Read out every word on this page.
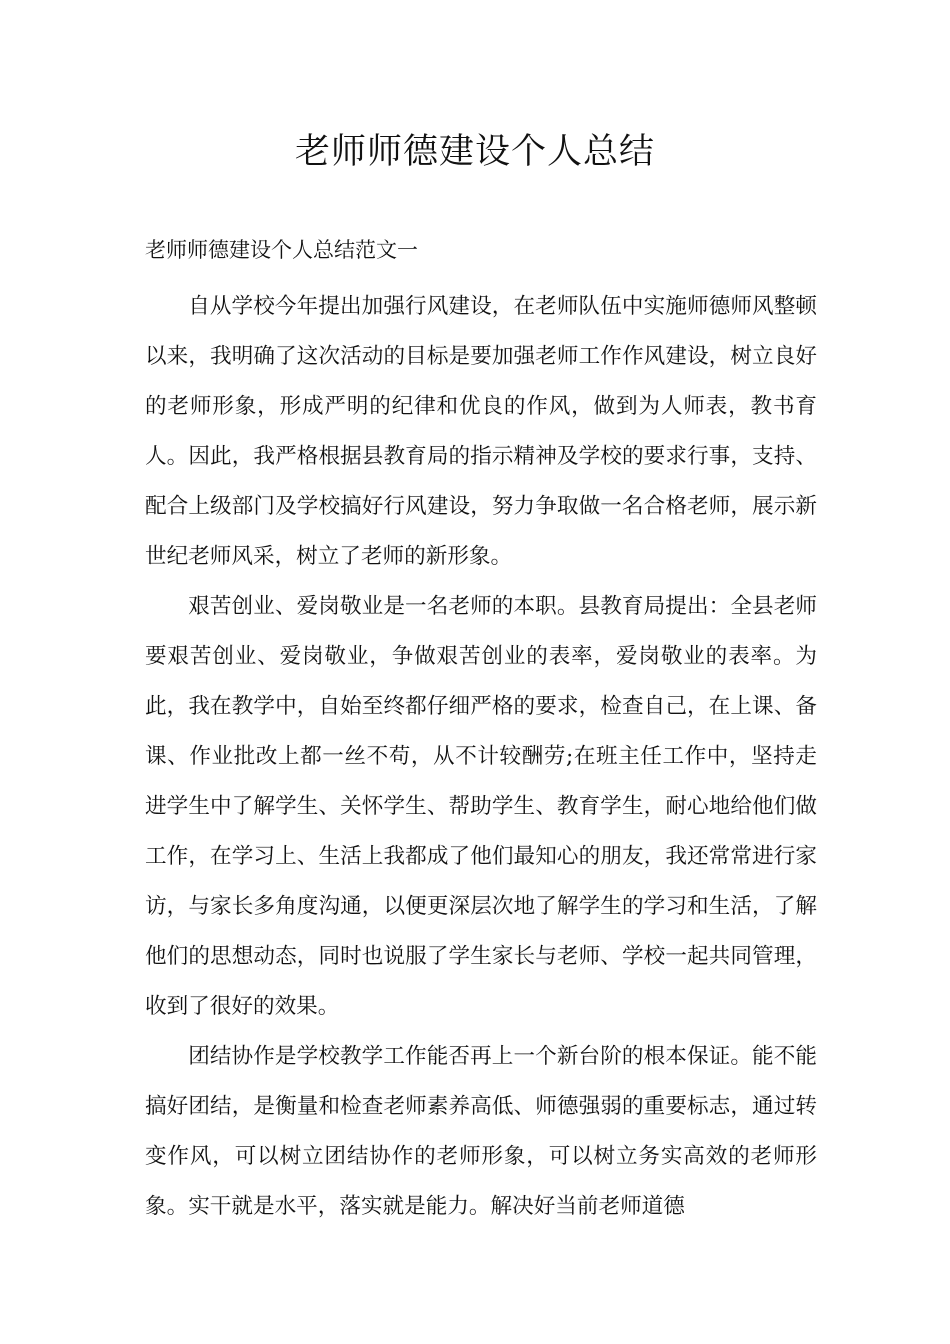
老师师德建设个人总结

老师师德建设个人总结范文一

自从学校今年提出加强行风建设，在老师队伍中实施师德师风整顿以来，我明确了这次活动的目标是要加强老师工作作风建设，树立良好的老师形象，形成严明的纪律和优良的作风，做到为人师表，教书育人。因此，我严格根据县教育局的指示精神及学校的要求行事，支持、配合上级部门及学校搞好行风建设，努力争取做一名合格老师，展示新世纪老师风采，树立了老师的新形象。

艰苦创业、爱岗敬业是一名老师的本职。县教育局提出：全县老师要艰苦创业、爱岗敬业，争做艰苦创业的表率，爱岗敬业的表率。为此，我在教学中，自始至终都仔细严格的要求，检查自己，在上课、备课、作业批改上都一丝不苟，从不计较酬劳;在班主任工作中，坚持走进学生中了解学生、关怀学生、帮助学生、教育学生，耐心地给他们做工作，在学习上、生活上我都成了他们最知心的朋友，我还常常进行家访，与家长多角度沟通，以便更深层次地了解学生的学习和生活，了解他们的思想动态，同时也说服了学生家长与老师、学校一起共同管理，收到了很好的效果。

团结协作是学校教学工作能否再上一个新台阶的根本保证。能不能搞好团结，是衡量和检查老师素养高低、师德强弱的重要标志，通过转变作风，可以树立团结协作的老师形象，可以树立务实高效的老师形象。实干就是水平，落实就是能力。解决好当前老师道德
